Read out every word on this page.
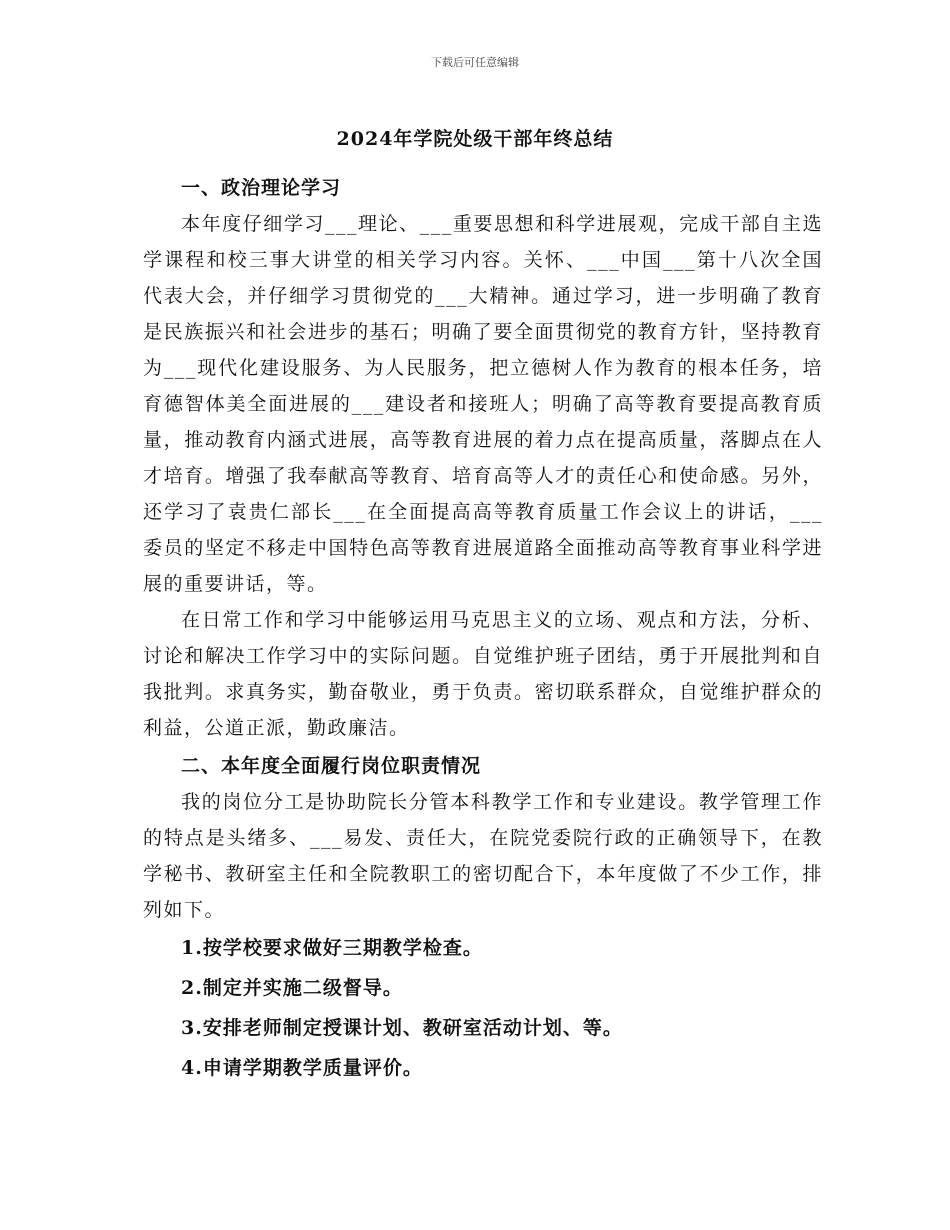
下载后可任意编辑
2024年学院处级干部年终总结

一、政治理论学习

本年度仔细学习___理论、___重要思想和科学进展观，完成干部自主选学课程和校三事大讲堂的相关学习内容。关怀、___中国___第十八次全国代表大会，并仔细学习贯彻党的___大精神。通过学习，进一步明确了教育是民族振兴和社会进步的基石；明确了要全面贯彻党的教育方针，坚持教育为___现代化建设服务、为人民服务，把立德树人作为教育的根本任务，培育德智体美全面进展的___建设者和接班人；明确了高等教育要提高教育质量，推动教育内涵式进展，高等教育进展的着力点在提高质量，落脚点在人才培育。增强了我奉献高等教育、培育高等人才的责任心和使命感。另外，还学习了袁贵仁部长___在全面提高高等教育质量工作会议上的讲话，___委员的坚定不移走中国特色高等教育进展道路全面推动高等教育事业科学进展的重要讲话，等。

在日常工作和学习中能够运用马克思主义的立场、观点和方法，分析、讨论和解决工作学习中的实际问题。自觉维护班子团结，勇于开展批判和自我批判。求真务实，勤奋敬业，勇于负责。密切联系群众，自觉维护群众的利益，公道正派，勤政廉洁。

二、本年度全面履行岗位职责情况

我的岗位分工是协助院长分管本科教学工作和专业建设。教学管理工作的特点是头绪多、___易发、责任大，在院党委院行政的正确领导下，在教学秘书、教研室主任和全院教职工的密切配合下，本年度做了不少工作，排列如下。

1.按学校要求做好三期教学检查。

2.制定并实施二级督导。

3.安排老师制定授课计划、教研室活动计划、等。

4.申请学期教学质量评价。
